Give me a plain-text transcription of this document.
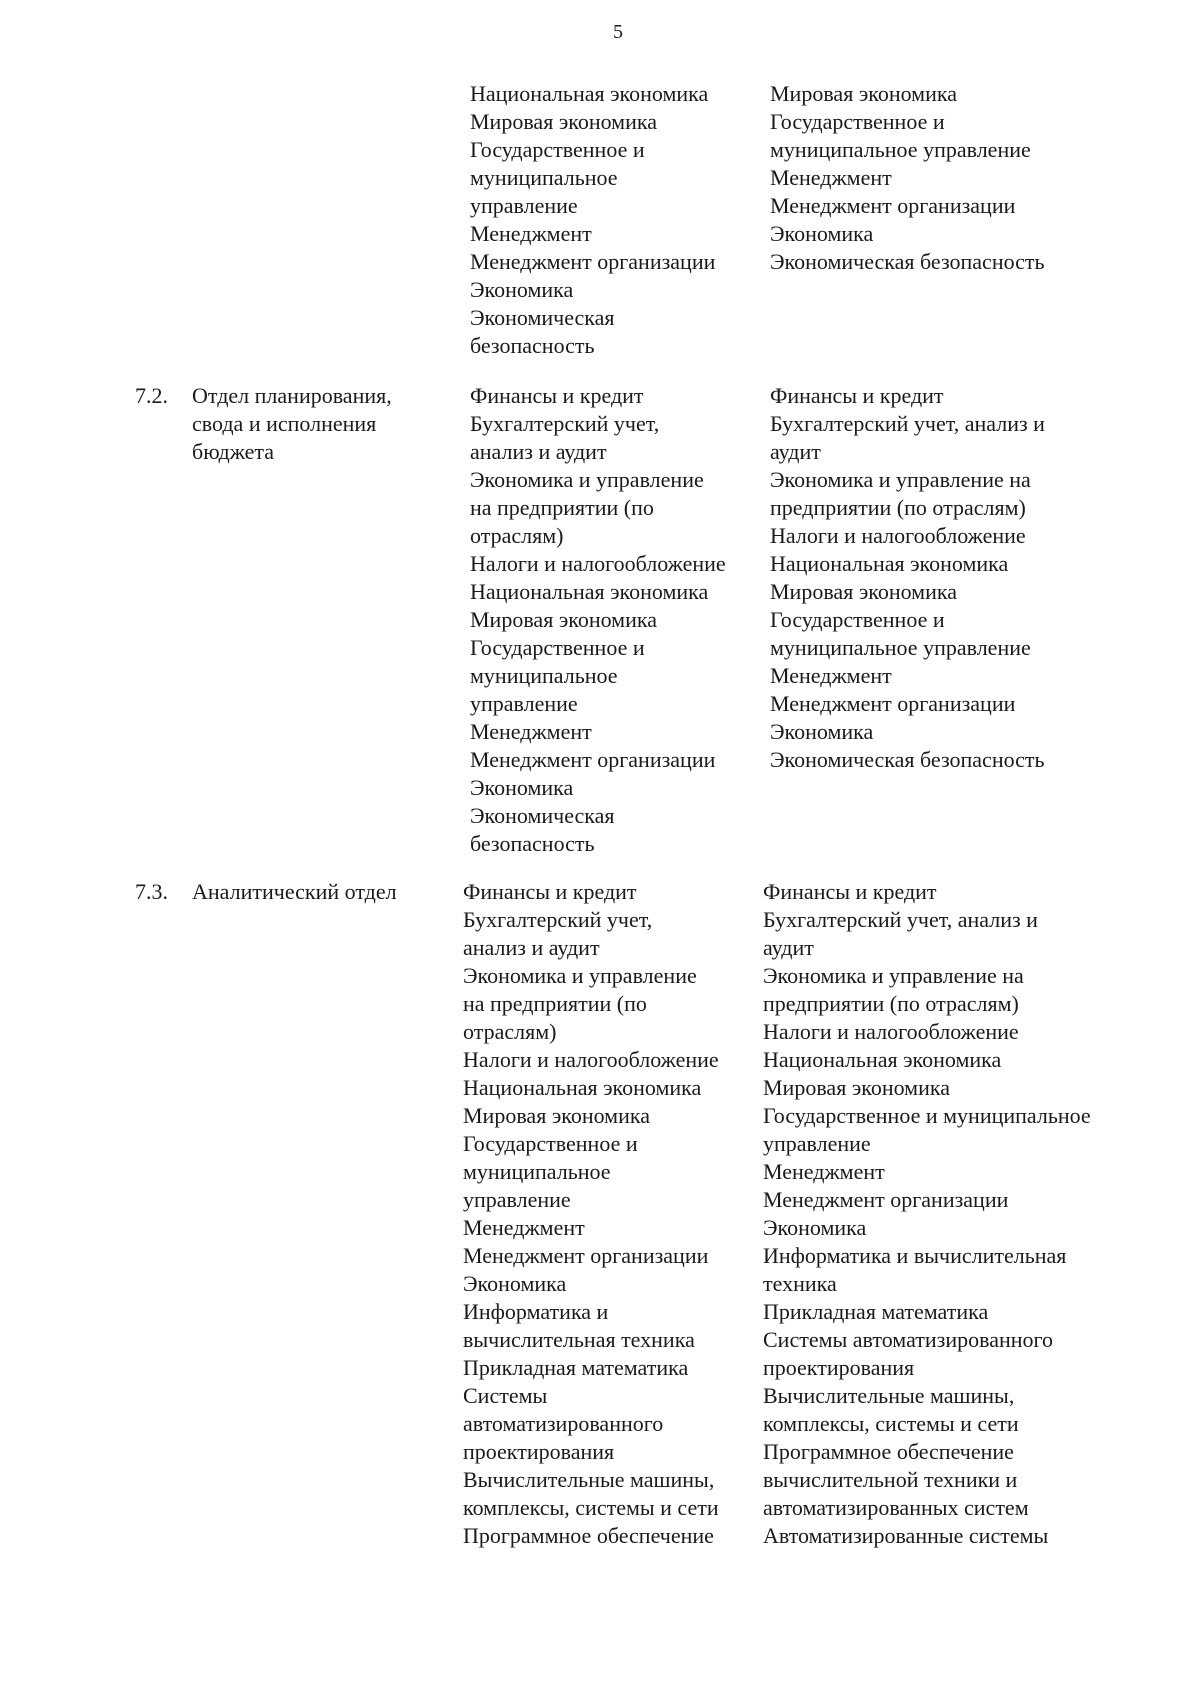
5
Национальная экономика
Мировая экономика
Государственное и
муниципальное
управление
Менеджмент
Менеджмент организации
Экономика
Экономическая
безопасность
Мировая экономика
Государственное и
муниципальное управление
Менеджмент
Менеджмент организации
Экономика
Экономическая безопасность
7.2. Отдел планирования,
свода и исполнения
бюджета
Финансы и кредит
Бухгалтерский учет,
анализ и аудит
Экономика и управление
на предприятии (по
отраслям)
Налоги и налогообложение
Национальная экономика
Мировая экономика
Государственное и
муниципальное
управление
Менеджмент
Менеджмент организации
Экономика
Экономическая
безопасность
Финансы и кредит
Бухгалтерский учет, анализ и
аудит
Экономика и управление на
предприятии (по отраслям)
Налоги и налогообложение
Национальная экономика
Мировая экономика
Государственное и
муниципальное управление
Менеджмент
Менеджмент организации
Экономика
Экономическая безопасность
7.3. Аналитический отдел	Финансы и кредит
Бухгалтерский учет,
анализ и аудит
Экономика и управление
на предприятии (по
отраслям)
Налоги и налогообложение
Национальная экономика
Мировая экономика
Государственное и
муниципальное
управление
Менеджмент
Менеджмент организации
Экономика
Информатика и
вычислительная техника
Прикладная математика
Системы
автоматизированного
проектирования
Вычислительные машины,
комплексы, системы и сети
Программное обеспечение
Финансы и кредит
Бухгалтерский учет, анализ и
аудит
Экономика и управление на
предприятии (по отраслям)
Налоги и налогообложение
Национальная экономика
Мировая экономика
Государственное и муниципальное
управление
Менеджмент
Менеджмент организации
Экономика
Информатика и вычислительная
техника
Прикладная математика
Системы автоматизированного
проектирования
Вычислительные машины,
комплексы, системы и сети
Программное обеспечение
вычислительной техники и
автоматизированных систем
Автоматизированные системы
